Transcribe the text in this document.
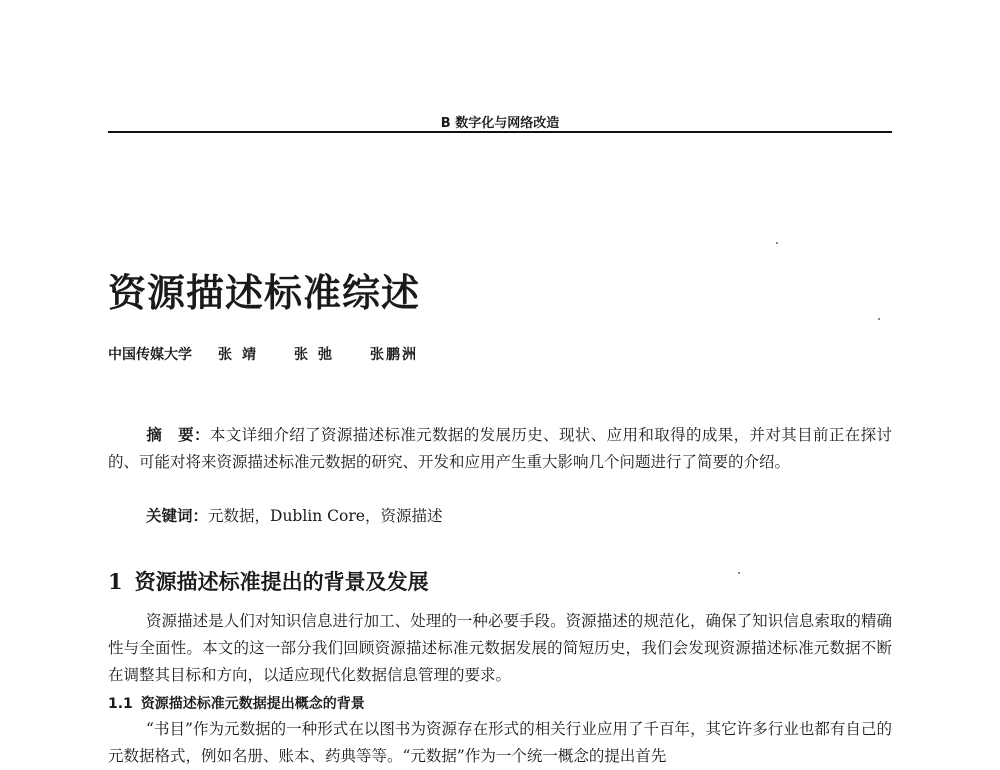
B 数字化与网络改造
资源描述标准综述
中国传媒大学 张靖 张弛 张鹏洲
摘　要：本文详细介绍了资源描述标准元数据的发展历史、现状、应用和取得的成果，并对其目前正在探讨的、可能对将来资源描述标准元数据的研究、开发和应用产生重大影响几个问题进行了简要的介绍。
关键词：元数据，Dublin Core，资源描述
1 资源描述标准提出的背景及发展
资源描述是人们对知识信息进行加工、处理的一种必要手段。资源描述的规范化，确保了知识信息索取的精确性与全面性。本文的这一部分我们回顾资源描述标准元数据发展的简短历史，我们会发现资源描述标准元数据不断在调整其目标和方向，以适应现代化数据信息管理的要求。
1.1 资源描述标准元数据提出概念的背景
“书目”作为元数据的一种形式在以图书为资源存在形式的相关行业应用了千百年，其它许多行业也都有自己的元数据格式，例如名册、账本、药典等等。“元数据”作为一个统一概念的提出首先
